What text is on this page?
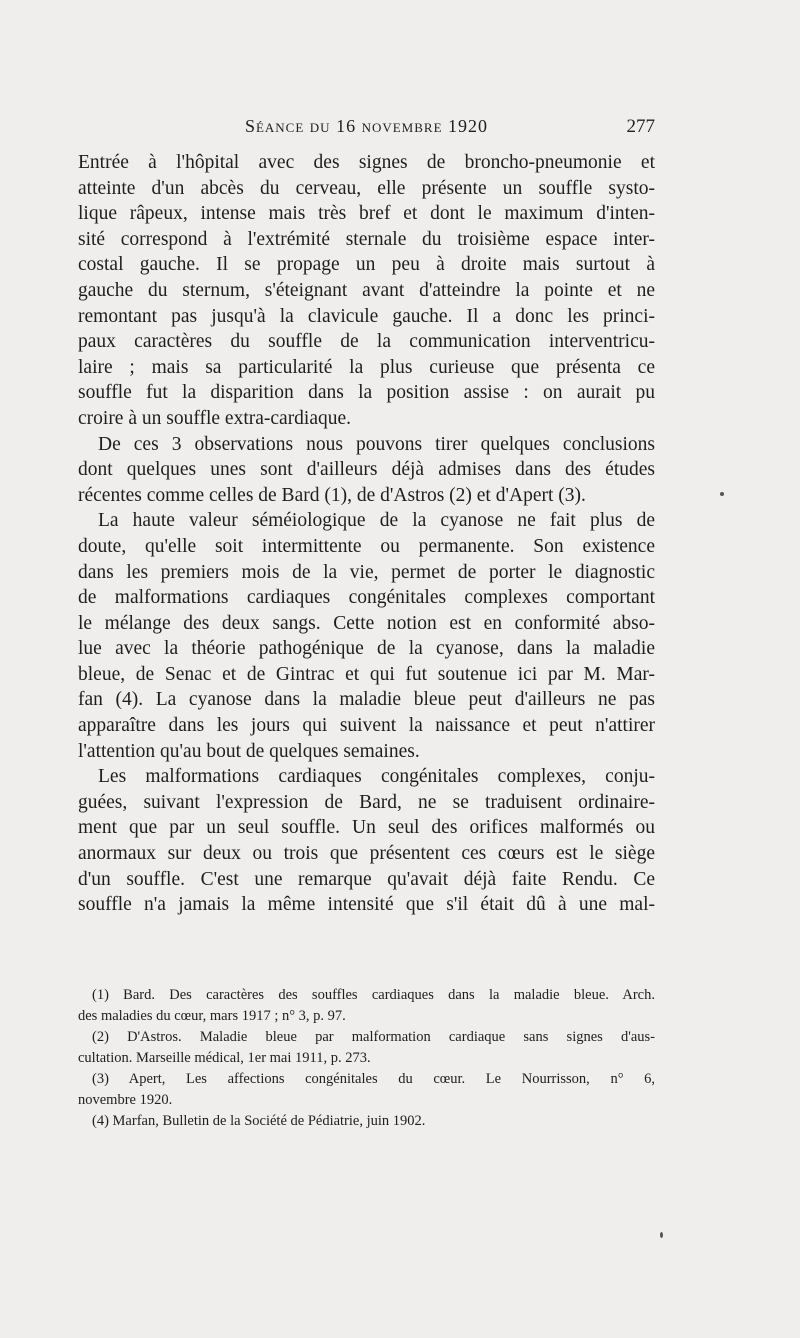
Séance du 16 novembre 1920	277
Entrée à l'hôpital avec des signes de broncho-pneumonie et
atteinte d'un abcès du cerveau, elle présente un souffle systo-
lique râpeux, intense mais très bref et dont le maximum d'inten-
sité correspond à l'extrémité sternale du troisième espace inter-
costal gauche. Il se propage un peu à droite mais surtout à
gauche du sternum, s'éteignant avant d'atteindre la pointe et ne
remontant pas jusqu'à la clavicule gauche. Il a donc les princi-
paux caractères du souffle de la communication interventricu-
laire ; mais sa particularité la plus curieuse que présenta ce
souffle fut la disparition dans la position assise : on aurait pu
croire à un souffle extra-cardiaque.
De ces 3 observations nous pouvons tirer quelques conclusions
dont quelques unes sont d'ailleurs déjà admises dans des études
récentes comme celles de Bard (1), de d'Astros (2) et d'Apert (3).
La haute valeur séméiologique de la cyanose ne fait plus de
doute, qu'elle soit intermittente ou permanente. Son existence
dans les premiers mois de la vie, permet de porter le diagnostic
de malformations cardiaques congénitales complexes comportant
le mélange des deux sangs. Cette notion est en conformité abso-
lue avec la théorie pathogénique de la cyanose, dans la maladie
bleue, de Senac et de Gintrac et qui fut soutenue ici par M. Mar-
fan (4). La cyanose dans la maladie bleue peut d'ailleurs ne pas
apparaître dans les jours qui suivent la naissance et peut n'attirer
l'attention qu'au bout de quelques semaines.
Les malformations cardiaques congénitales complexes, conju-
guées, suivant l'expression de Bard, ne se traduisent ordinaire-
ment que par un seul souffle. Un seul des orifices malformés ou
anormaux sur deux ou trois que présentent ces cœurs est le siège
d'un souffle. C'est une remarque qu'avait déjà faite Rendu. Ce
souffle n'a jamais la même intensité que s'il était dû à une mal-
(1) Bard. Des caractères des souffles cardiaques dans la maladie bleue. Arch.
des maladies du cœur, mars 1917 ; n° 3, p. 97.
(2) D'Astros. Maladie bleue par malformation cardiaque sans signes d'aus-
cultation. Marseille médical, 1er mai 1911, p. 273.
(3) Apert, Les affections congénitales du cœur. Le Nourrisson, n° 6,
novembre 1920.
(4) Marfan, Bulletin de la Société de Pédiatrie, juin 1902.
